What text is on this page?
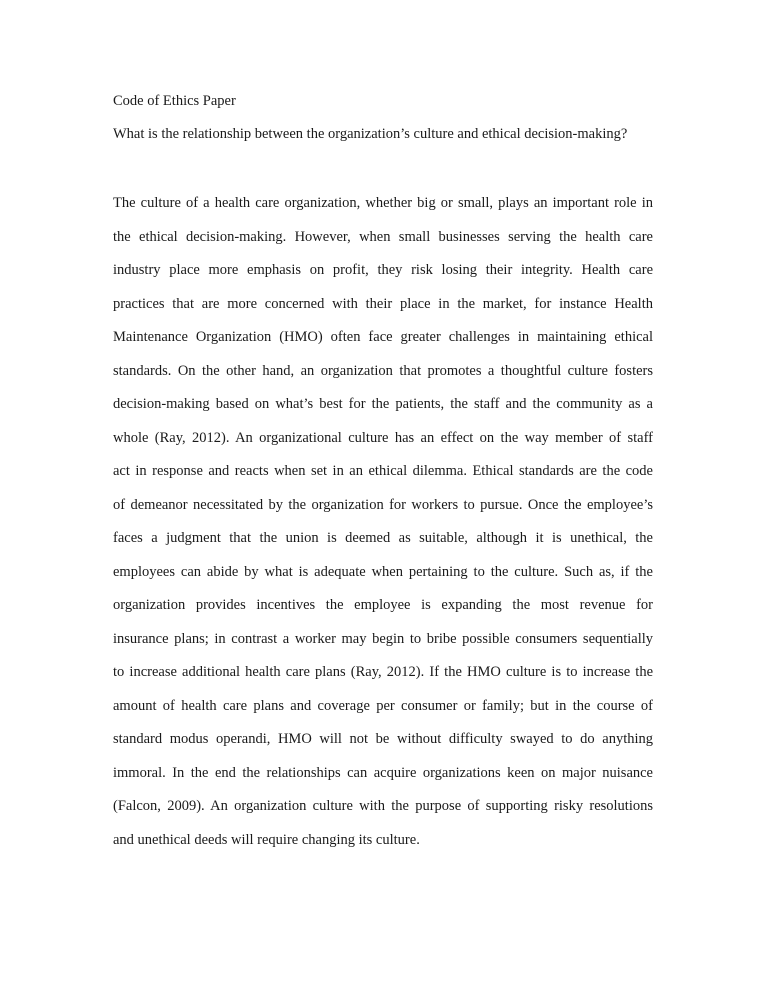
Code of Ethics Paper
What is the relationship between the organization’s culture and ethical decision-making?
The culture of a health care organization, whether big or small, plays an important role in
the ethical decision-making. However, when small businesses serving the health care
industry place more emphasis on profit, they risk losing their integrity. Health care
practices that are more concerned with their place in the market, for instance Health
Maintenance Organization (HMO) often face greater challenges in maintaining ethical
standards. On the other hand, an organization that promotes a thoughtful culture fosters
decision-making based on what’s best for the patients, the staff and the community as a
whole (Ray, 2012). An organizational culture has an effect on the way member of staff
act in response and reacts when set in an ethical dilemma. Ethical standards are the code
of demeanor necessitated by the organization for workers to pursue. Once the employee’s
faces a judgment that the union is deemed as suitable, although it is unethical, the
employees can abide by what is adequate when pertaining to the culture. Such as, if the
organization provides incentives the employee is expanding the most revenue for
insurance plans; in contrast a worker may begin to bribe possible consumers sequentially
to increase additional health care plans (Ray, 2012). If the HMO culture is to increase the
amount of health care plans and coverage per consumer or family; but in the course of
standard modus operandi, HMO will not be without difficulty swayed to do anything
immoral. In the end the relationships can acquire organizations keen on major nuisance
(Falcon, 2009). An organization culture with the purpose of supporting risky resolutions
and unethical deeds will require changing its culture.
